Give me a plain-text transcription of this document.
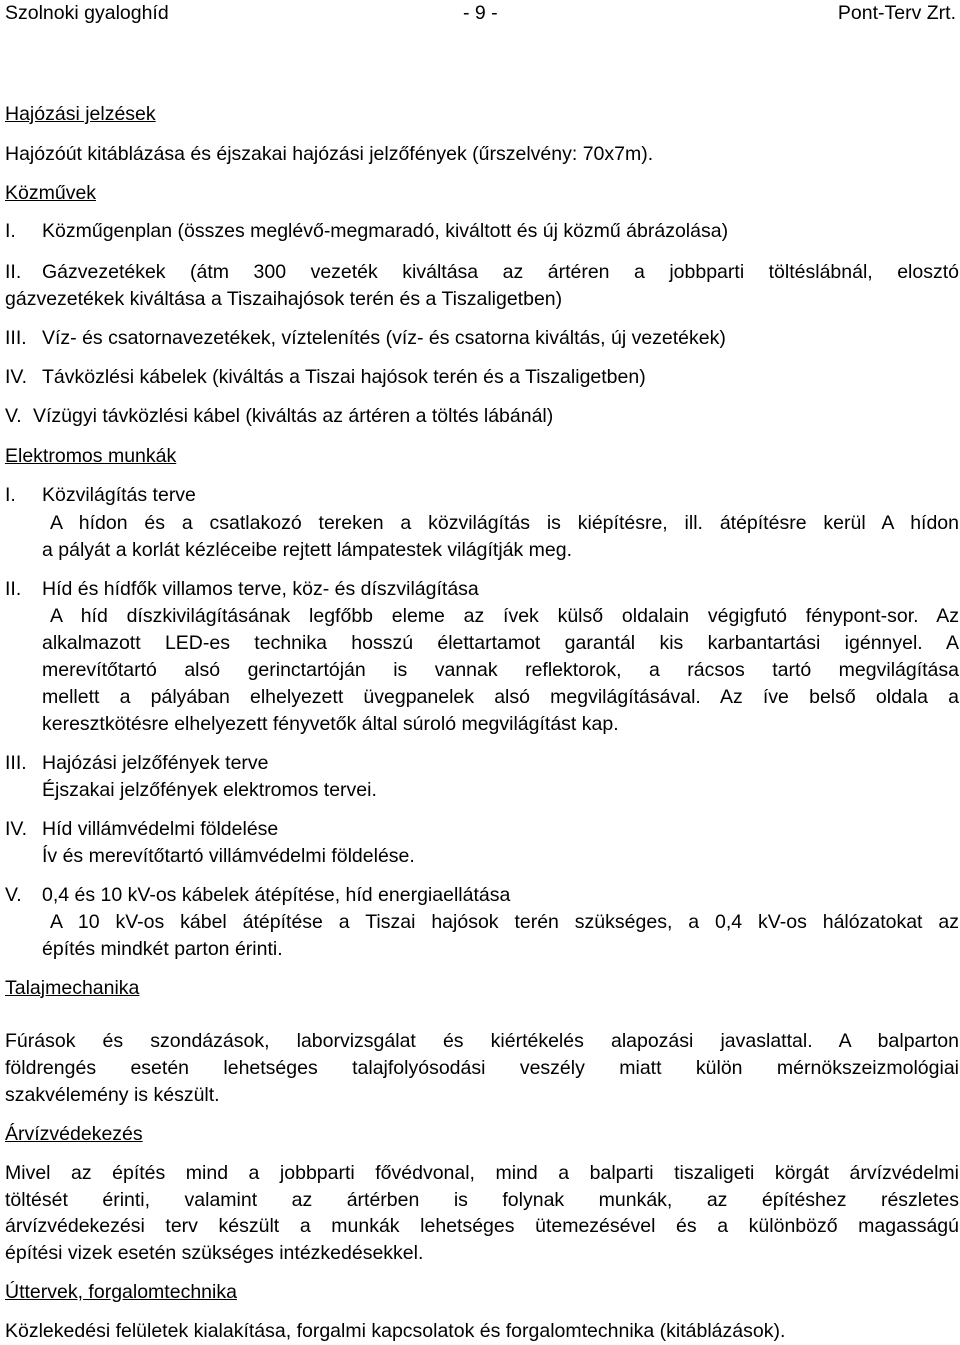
Szolnoki gyaloghíd	- 9 -	Pont-Terv Zrt.
Hajózási jelzések
Hajózóút kitáblázása és éjszakai hajózási jelzőfények (űrszelvény: 70x7m).
Közművek
I. Közműgenplan (összes meglévő-megmaradó, kiváltott és új közmű ábrázolása)
II. Gázvezetékek (átm 300 vezeték kiváltása az ártéren a jobbparti töltéslábnál, elosztó
gázvezetékek kiváltása a Tiszaihajósok terén és a Tiszaligetben)
III. Víz- és csatornavezetékek, víztelenítés (víz- és csatorna kiváltás, új vezetékek)
IV. Távközlési kábelek (kiváltás a Tiszai hajósok terén és a Tiszaligetben)
V. Vízügyi távközlési kábel (kiváltás az ártéren a töltés lábánál)
Elektromos munkák
I. Közvilágítás terve
A hídon és a csatlakozó tereken a közvilágítás is kiépítésre, ill. átépítésre kerül A hídon
a pályát a korlát kézléceibe rejtett lámpatestek világítják meg.
II. Híd és hídfők villamos terve, köz- és díszvilágítása
A híd díszkivilágításának legfőbb eleme az ívek külső oldalain végigfutó fénypont-sor. Az
alkalmazott LED-es technika hosszú élettartamot garantál kis karbantartási igénnyel. A
merevítőtartó alsó gerinctartóján is vannak reflektorok, a rácsos tartó megvilágítása
mellett a pályában elhelyezett üvegpanelek alsó megvilágításával. Az íve belső oldala a
keresztkötésre elhelyezett fényvetők által súroló megvilágítást kap.
III. Hajózási jelzőfények terve
Éjszakai jelzőfények elektromos tervei.
IV. Híd villámvédelmi földelése
Ív és merevítőtartó villámvédelmi földelése.
V. 0,4 és 10 kV-os kábelek átépítése, híd energiaellátása
A 10 kV-os kábel átépítése a Tiszai hajósok terén szükséges, a 0,4 kV-os hálózatokat az
építés mindkét parton érinti.
Talajmechanika
Fúrások és szondázások, laborvizsgálat és kiértékelés alapozási javaslattal. A balparton
földrengés esetén lehetséges talajfolyósodási veszély miatt külön mérnökszeizmológiai
szakvélemény is készült.
Árvízvédekezés
Mivel az építés mind a jobbparti fővédvonal, mind a balparti tiszaligeti körgát árvízvédelmi
töltését érinti, valamint az ártérben is folynak munkák, az építéshez részletes
árvízvédekezési terv készült a munkák lehetséges ütemezésével és a különböző magasságú
építési vizek esetén szükséges intézkedésekkel.
Úttervek, forgalomtechnika
Közlekedési felületek kialakítása, forgalmi kapcsolatok és forgalomtechnika (kitáblázások).
